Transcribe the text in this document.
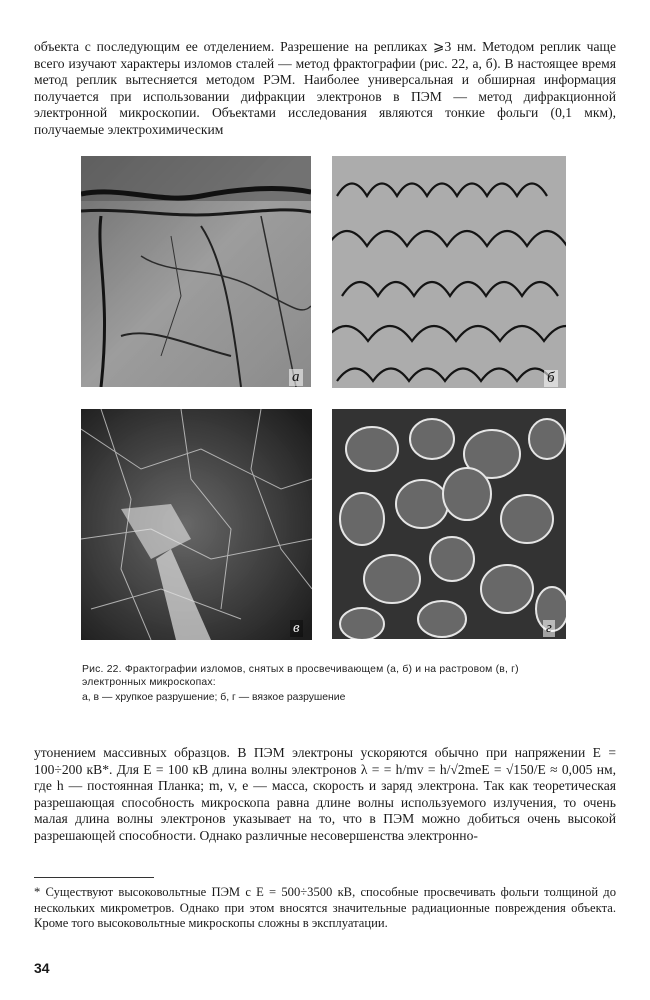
объекта с последующим ее отделением. Разрешение на репликах ⩾3 нм. Методом реплик чаще всего изучают характеры изломов сталей — метод фрактографии (рис. 22, а, б). В настоящее время метод реплик вытесняется методом РЭМ. Наиболее универсальная и обширная информация получается при использовании дифракции электронов в ПЭМ — метод дифракционной электронной микроскопии. Объектами исследования являются тонкие фольги (0,1 мкм), получаемые электрохимическим

а	б
в	г
Рис. 22. Фрактографии изломов, снятых в просвечивающем (а, б) и на растровом (в, г) электронных микроскопах:
а, в — хрупкое разрушение; б, г — вязкое разрушение

утонением массивных образцов. В ПЭМ электроны ускоряются обычно при напряжении E = 100÷200 кВ*. Для E = 100 кВ длина волны электронов λ = = h/mv = h/√2meE = √150/E ≈ 0,005 нм, где h — постоянная Планка; m, v, e — масса, скорость и заряд электрона. Так как теоретическая разрешающая способность микроскопа равна длине волны используемого излучения, то очень малая длина волны электронов указывает на то, что в ПЭМ можно добиться очень высокой разрешающей способности. Однако различные несовершенства электронно-

* Существуют высоковольтные ПЭМ с E = 500÷3500 кВ, способные просвечивать фольги толщиной до нескольких микрометров. Однако при этом вносятся значительные радиационные повреждения объекта. Кроме того высоковольтные микроскопы сложны в эксплуатации.

34
